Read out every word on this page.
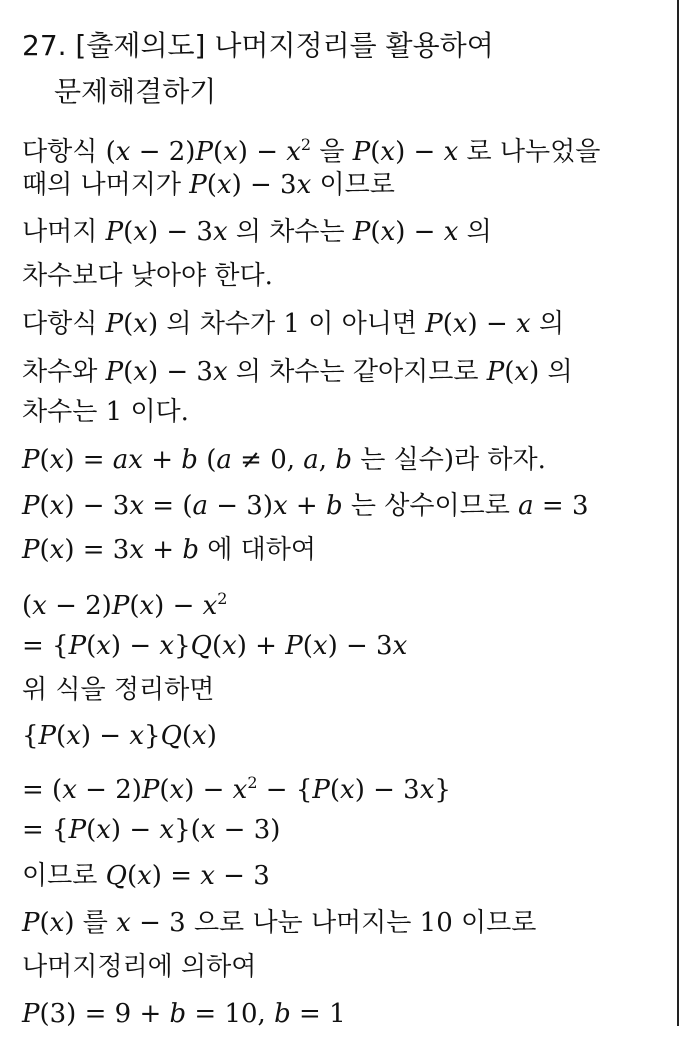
27. [출제의도] 나머지정리를 활용하여
문제해결하기
다항식 $(x - 2)P(x) - x^2$ 을 P(x) − x 로 나누었을
때의 나머지가 P(x) − 3x 이므로
나머지 P(x) − 3x 의 차수는 P(x) − x 의
차수보다 낮아야 한다.
다항식 P(x) 의 차수가 1 이 아니면 P(x) − x 의
차수와 P(x) − 3x 의 차수는 같아지므로 P(x) 의
차수는 1 이다.
P(x) = ax + b (a ≠ 0, a, b 는 실수)라 하자.
P(x) − 3x = (a − 3)x + b 는 상수이므로 a = 3
P(x) = 3x + b 에 대하여
$(x - 2)P(x) - x^2$
= {P(x) − x}Q(x) + P(x) − 3x
위 식을 정리하면
{P(x) − x}Q(x)
= $(x - 2)P(x) - x^2 - \{P(x) - 3x\}$
= {P(x) − x}(x − 3)
이므로 Q(x) = x − 3
P(x) 를 x − 3 으로 나눈 나머지는 10 이므로
나머지정리에 의하여
P(3) = 9 + b = 10, b = 1
